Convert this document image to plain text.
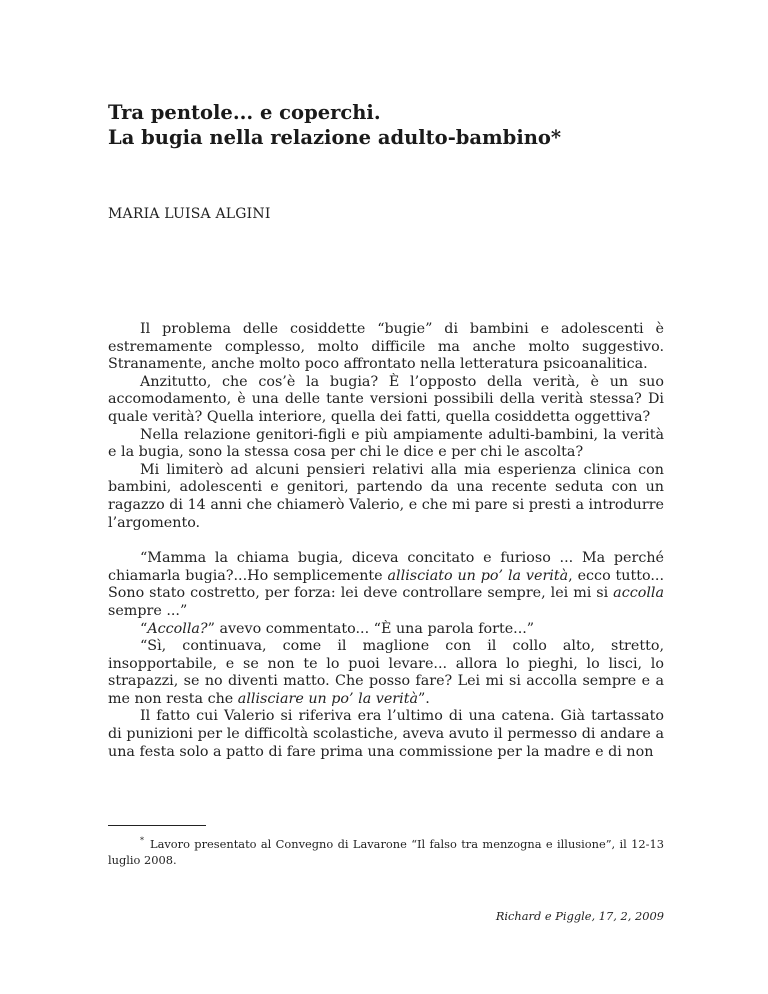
Tra pentole... e coperchi.
La bugia nella relazione adulto-bambino*

MARIA LUISA ALGINI

Il problema delle cosiddette “bugie” di bambini e adolescenti è estremamente complesso, molto difficile ma anche molto suggestivo. Stranamente, anche molto poco affrontato nella letteratura psicoanalitica.

Anzitutto, che cos’è la bugia? È l’opposto della verità, è un suo accomodamento, è una delle tante versioni possibili della verità stessa? Di quale verità? Quella interiore, quella dei fatti, quella cosiddetta oggettiva?

Nella relazione genitori-figli e più ampiamente adulti-bambini, la verità e la bugia, sono la stessa cosa per chi le dice e per chi le ascolta?

Mi limiterò ad alcuni pensieri relativi alla mia esperienza clinica con bambini, adolescenti e genitori, partendo da una recente seduta con un ragazzo di 14 anni che chiamerò Valerio, e che mi pare si presti a introdurre l’argomento.

“Mamma la chiama bugia, diceva concitato e furioso ... Ma perché chiamarla bugia?...Ho semplicemente allisciato un po’ la verità, ecco tutto... Sono stato costretto, per forza: lei deve controllare sempre, lei mi si accolla sempre ...”

“Accolla?” avevo commentato... “È una parola forte...”

“Sì, continuava, come il maglione con il collo alto, stretto, insopportabile, e se non te lo puoi levare... allora lo pieghi, lo lisci, lo strapazzi, se no diventi matto. Che posso fare? Lei mi si accolla sempre e a me non resta che allisciare un po’ la verità”.

Il fatto cui Valerio si riferiva era l’ultimo di una catena. Già tartassato di punizioni per le difficoltà scolastiche, aveva avuto il permesso di andare a una festa solo a patto di fare prima una commissione per la madre e di non

* Lavoro presentato al Convegno di Lavarone “Il falso tra menzogna e illusione”, il 12-13 luglio 2008.
Richard e Piggle, 17, 2, 2009
